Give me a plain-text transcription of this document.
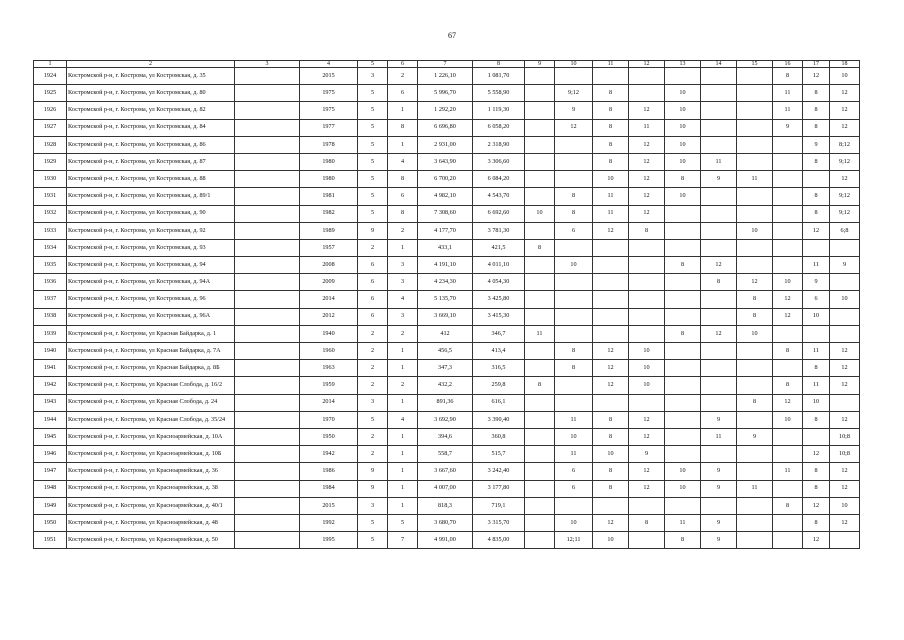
67
1	2	3	4	5	6	7	8	9	10	11	12	13	14	15	16	17	18
1924	Костромской р-н, г. Кострома, ул Костромская, д. 35		2015	3	2	1 226,10	1 081,70								8	12	10
1925	Костромской р-н, г. Кострома, ул Костромская, д. 80		1975	5	6	5 996,70	5 558,90		9;12	8		10			11	8	12
1926	Костромской р-н, г. Кострома, ул Костромская, д. 82		1975	5	1	1 292,20	1 119,30		9	8	12	10			11	8	12
1927	Костромской р-н, г. Кострома, ул Костромская, д. 84		1977	5	8	6 696,80	6 058,20		12	8	11	10			9	8	12
1928	Костромской р-н, г. Кострома, ул Костромская, д. 86		1978	5	1	2 931,00	2 318,90			8	12	10				9	8;12
1929	Костромской р-н, г. Кострома, ул Костромская, д. 87		1980	5	4	3 643,90	3 306,60			8	12	10	11			8	9;12
1930	Костромской р-н, г. Кострома, ул Костромская, д. 88		1980	5	8	6 700,20	6 084,20			10	12	8	9	11			12
1931	Костромской р-н, г. Кострома, ул Костромская, д. 89/1		1981	5	6	4 982,10	4 543,70		8	11	12	10				8	9;12
1932	Костромской р-н, г. Кострома, ул Костромская, д. 90		1982	5	8	7 308,60	6 692,60	10	8	11	12					8	9;12
1933	Костромской р-н, г. Кострома, ул Костромская, д. 92		1989	9	2	4 177,70	3 781,30		6	12	8			10		12	6;8
1934	Костромской р-н, г. Кострома, ул Костромская, д. 93		1957	2	1	433,1	421,5	8									
1935	Костромской р-н, г. Кострома, ул Костромская, д. 94		2008	6	3	4 191,10	4 011,10		10			8	12			11	9
1936	Костромской р-н, г. Кострома, ул Костромская, д. 94А		2009	6	3	4 234,30	4 054,30						8	12	10	9	
1937	Костромской р-н, г. Кострома, ул Костромская, д. 96		2014	6	4	5 135,70	3 425,80							8	12	6	10
1938	Костромской р-н, г. Кострома, ул Костромская, д. 96А		2012	6	3	3 669,10	3 415,30							8	12	10	
1939	Костромской р-н, г. Кострома, ул Красная Байдарка, д. 1		1940	2	2	412	346,7	11				8	12	10			
1940	Костромской р-н, г. Кострома, ул Красная Байдарка, д. 7А		1960	2	1	456,5	413,4		8	12	10				8	11	12
1941	Костромской р-н, г. Кострома, ул Красная Байдарка, д. 8Б		1963	2	1	347,3	316,5		8	12	10					8	12
1942	Костромской р-н, г. Кострома, ул Красная Слобода, д. 16/2		1959	2	2	432,2	259,8	8		12	10				8	11	12
1943	Костромской р-н, г. Кострома, ул Красная Слобода, д. 24		2014	3	1	891,36	616,1							8	12	10	
1944	Костромской р-н, г. Кострома, ул Красная Слобода, д. 35/24		1970	5	4	3 692,90	3 390,40		11	8	12		9		10	8	12
1945	Костромской р-н, г. Кострома, ул Красноармейская, д. 10А		1950	2	1	394,6	360,8		10	8	12		11	9			10;8
1946	Костромской р-н, г. Кострома, ул Красноармейская, д. 10Б		1942	2	1	558,7	515,7		11	10	9					12	10;8
1947	Костромской р-н, г. Кострома, ул Красноармейская, д. 36		1986	9	1	3 667,60	3 242,40		6	8	12	10	9		11	8	12
1948	Костромской р-н, г. Кострома, ул Красноармейская, д. 38		1984	9	1	4 007,00	3 177,80		6	8	12	10	9	11		8	12
1949	Костромской р-н, г. Кострома, ул Красноармейская, д. 40/1		2015	3	1	818,3	719,1								8	12	10
1950	Костромской р-н, г. Кострома, ул Красноармейская, д. 48		1992	5	5	3 680,70	3 315,70		10	12	8	11	9			8	12
1951	Костромской р-н, г. Кострома, ул Красноармейская, д. 50		1995	5	7	4 991,00	4 835,00		12;11	10		8	9			12	
